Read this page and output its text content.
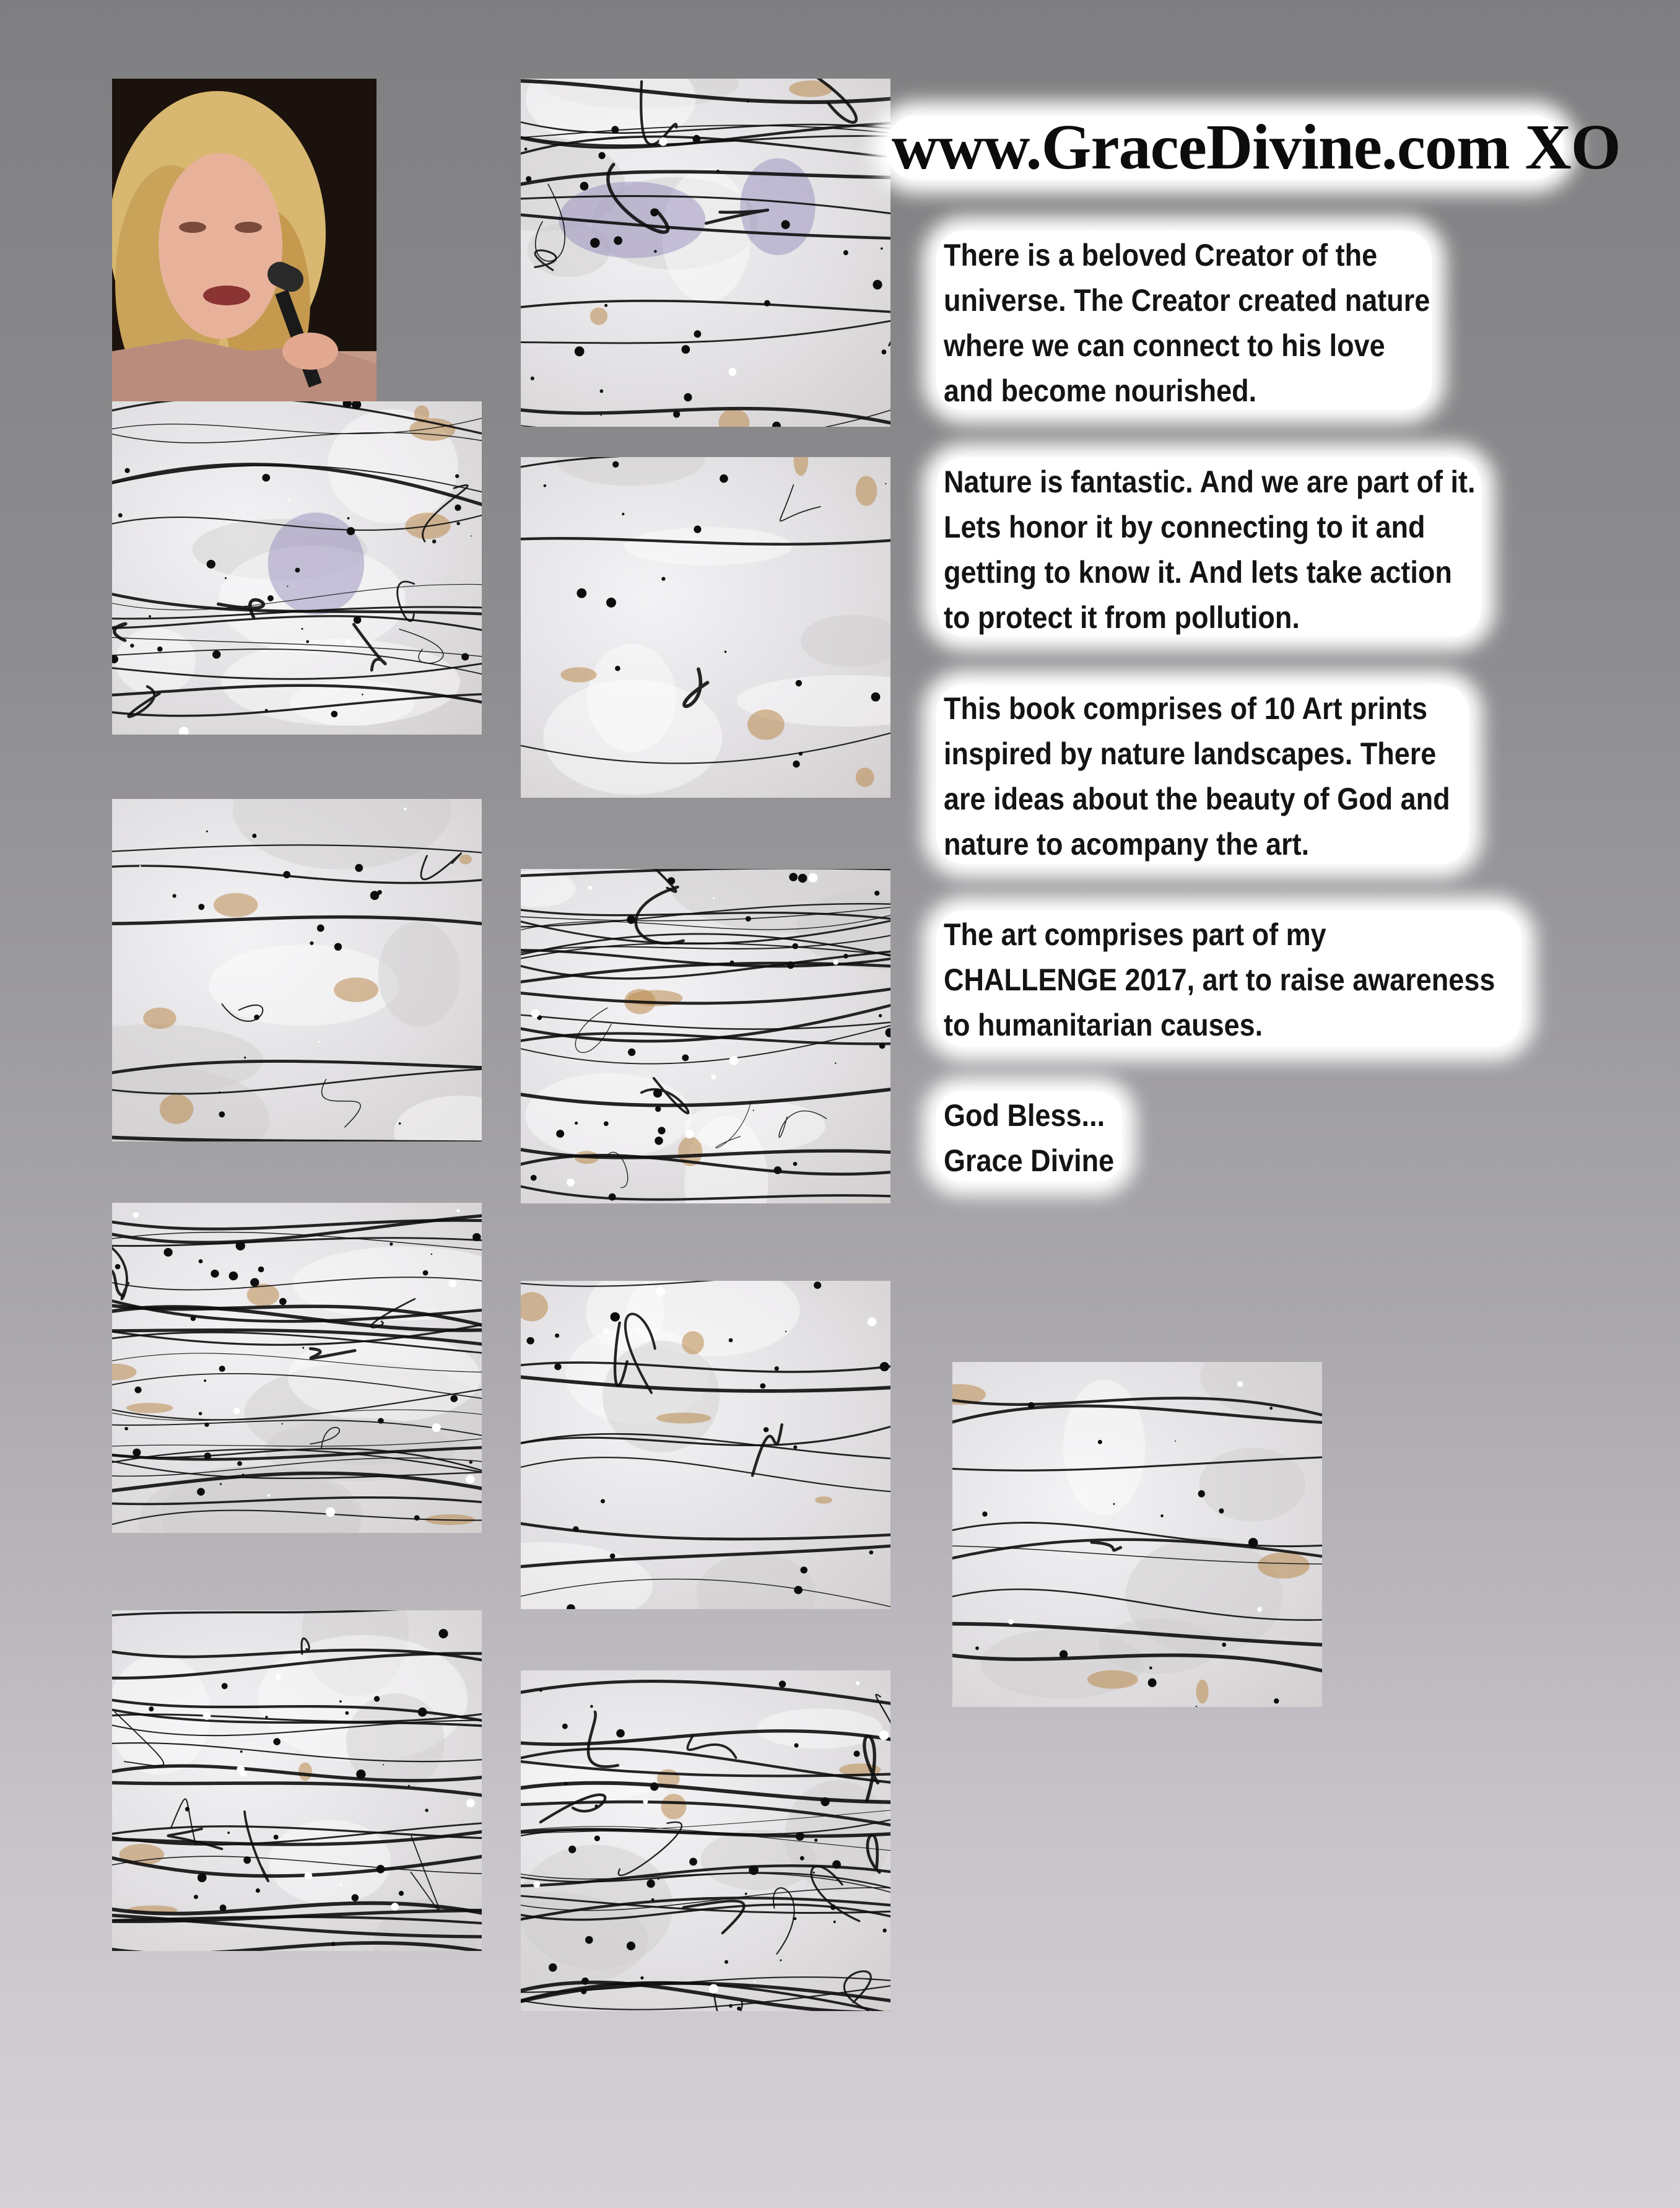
www.GraceDivine.com XO
There is a beloved Creator of the
universe. The Creator created nature
where we can connect to his love
and become nourished.
Nature is fantastic. And we are part of it.
Lets honor it by connecting to it and
getting to know it. And lets take action
to protect it from pollution.
This book comprises of 10 Art prints
inspired by nature landscapes. There
are ideas about the beauty of God and
nature to acompany the art.
The art comprises part of my
CHALLENGE 2017, art to raise awareness
to humanitarian causes.
God Bless...
Grace Divine
